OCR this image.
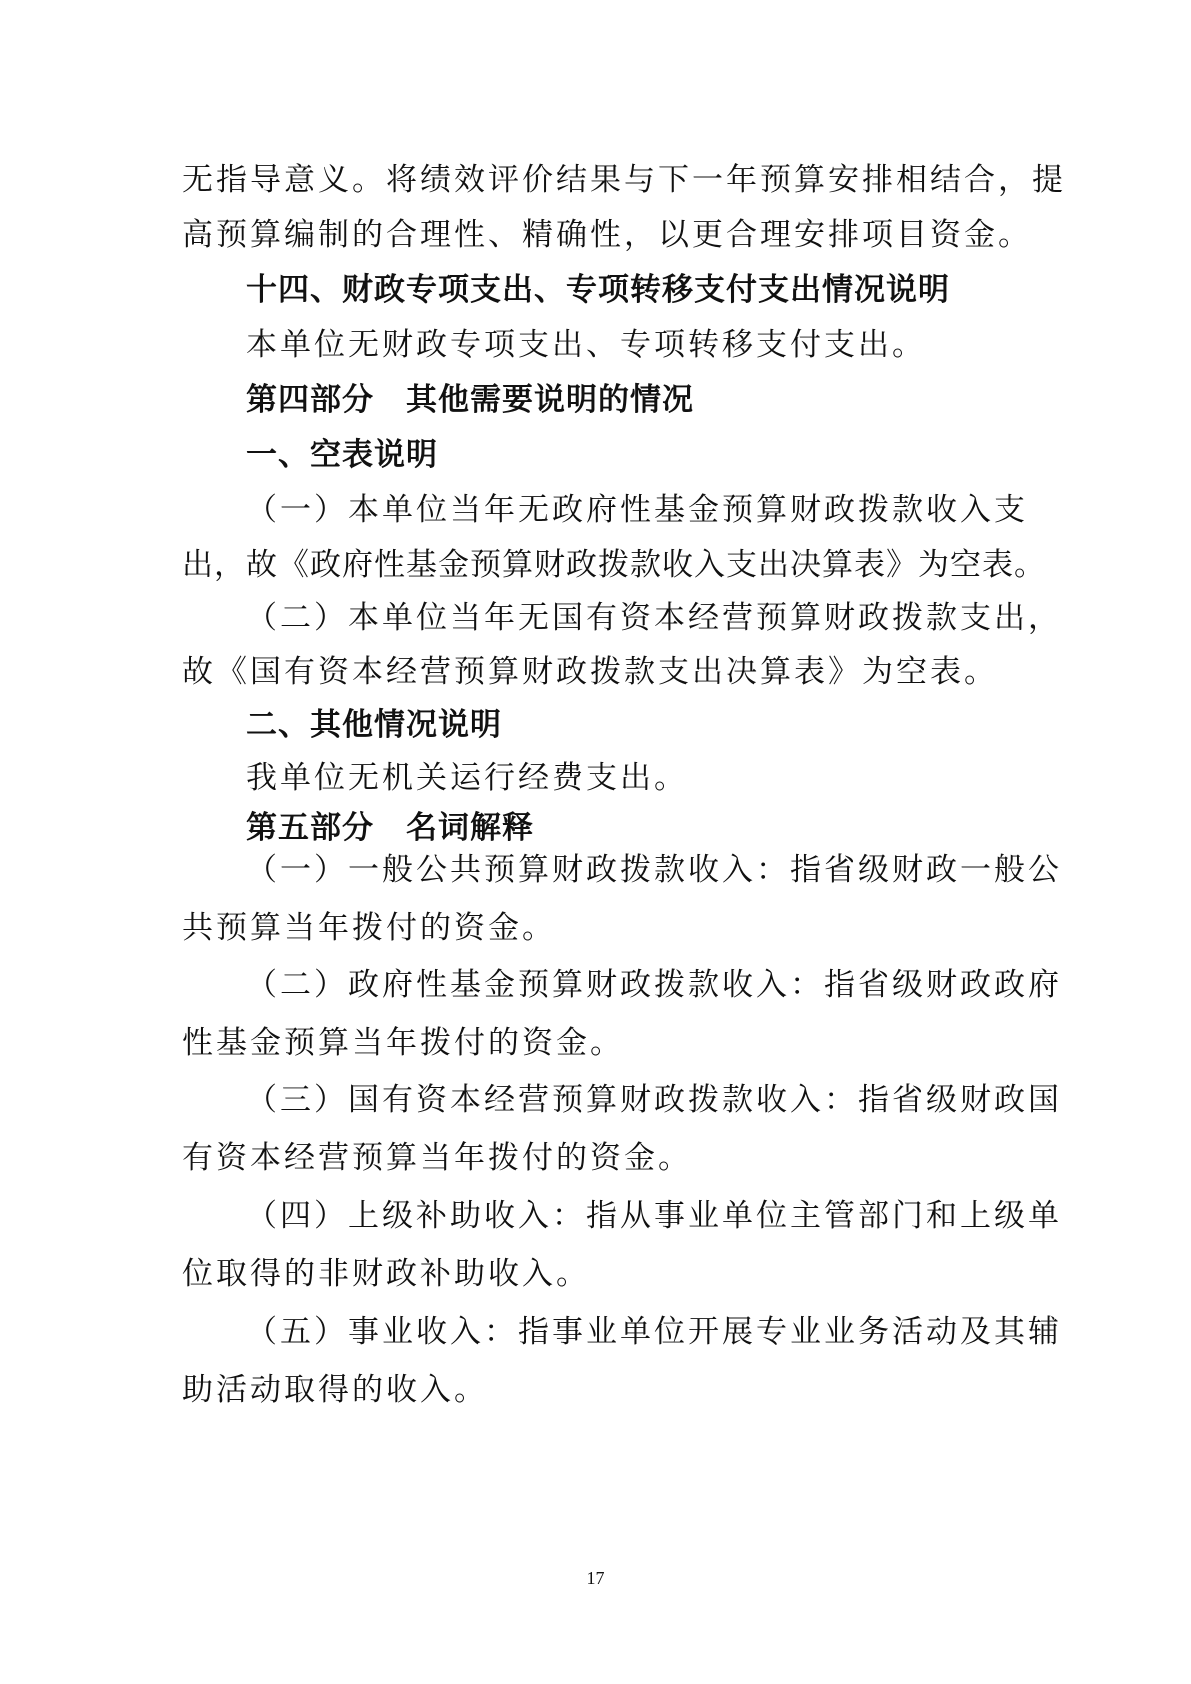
无指导意义。将绩效评价结果与下一年预算安排相结合，提
高预算编制的合理性、精确性，以更合理安排项目资金。
十四、财政专项支出、专项转移支付支出情况说明
本单位无财政专项支出、专项转移支付支出。
第四部分　其他需要说明的情况
一、空表说明
（一）本单位当年无政府性基金预算财政拨款收入支
出，故《政府性基金预算财政拨款收入支出决算表》为空表。
（二）本单位当年无国有资本经营预算财政拨款支出，
故《国有资本经营预算财政拨款支出决算表》为空表。
二、其他情况说明
我单位无机关运行经费支出。
第五部分　名词解释
（一）一般公共预算财政拨款收入：指省级财政一般公
共预算当年拨付的资金。
（二）政府性基金预算财政拨款收入：指省级财政政府
性基金预算当年拨付的资金。
（三）国有资本经营预算财政拨款收入：指省级财政国
有资本经营预算当年拨付的资金。
（四）上级补助收入：指从事业单位主管部门和上级单
位取得的非财政补助收入。
（五）事业收入：指事业单位开展专业业务活动及其辅
助活动取得的收入。
17
